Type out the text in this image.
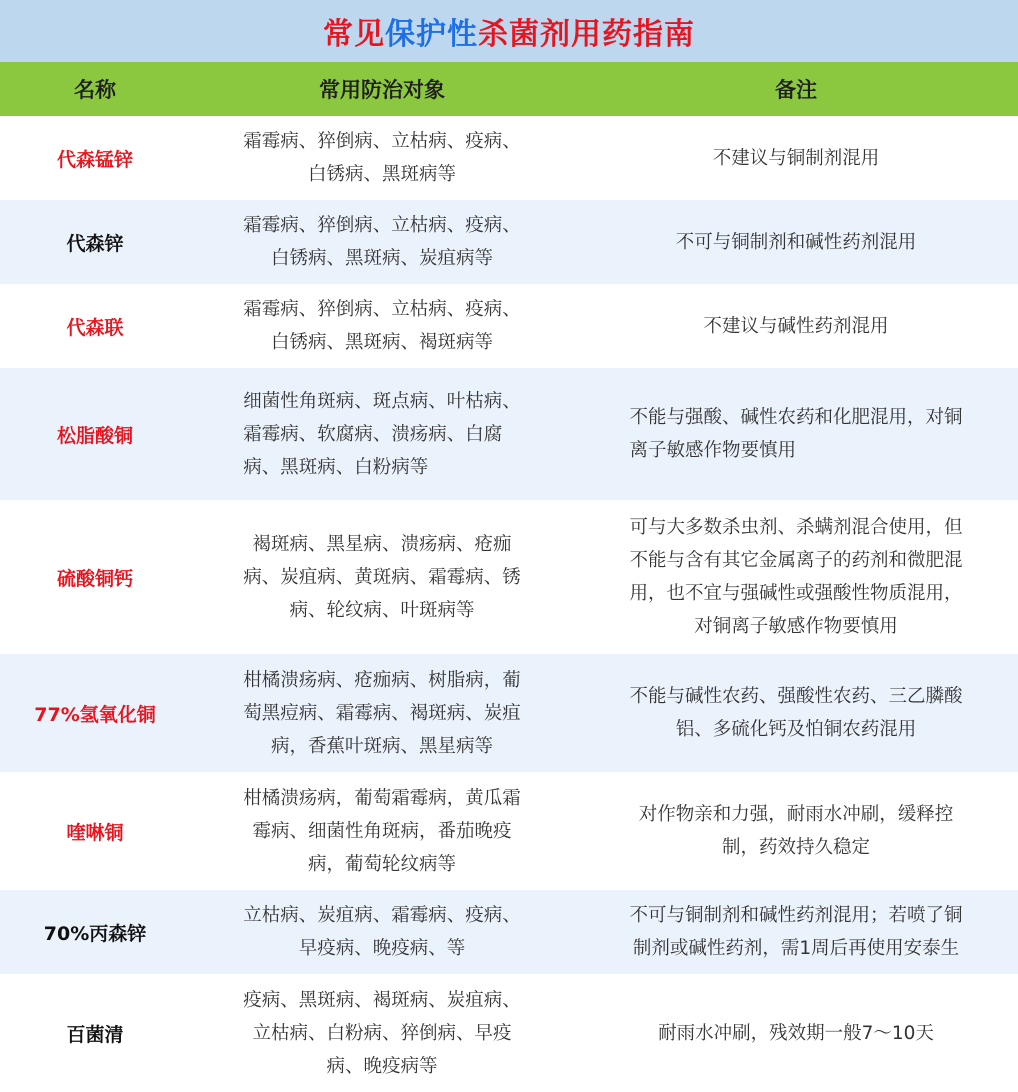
常见 保护性 杀菌剂用药指南
名称	常用防治对象	备注
代森锰锌
霜霉病、猝倒病、立枯病、疫病、
白锈病、黑斑病等
不建议与铜制剂混用
代森锌
霜霉病、猝倒病、立枯病、疫病、
白锈病、黑斑病、炭疽病等
不可与铜制剂和碱性药剂混用
代森联
霜霉病、猝倒病、立枯病、疫病、
白锈病、黑斑病、褐斑病等
不建议与碱性药剂混用
松脂酸铜
细菌性角斑病、斑点病、叶枯病、
霜霉病、软腐病、溃疡病、白腐
病、黑斑病、白粉病等
不能与强酸、碱性农药和化肥混用，对铜
离子敏感作物要慎用
硫酸铜钙
褐斑病、黑星病、溃疡病、疮痂
病、炭疽病、黄斑病、霜霉病、锈
病、轮纹病、叶斑病等
可与大多数杀虫剂、杀螨剂混合使用，但
不能与含有其它金属离子的药剂和微肥混
用，也不宜与强碱性或强酸性物质混用，
对铜离子敏感作物要慎用
77%氢氧化铜
柑橘溃疡病、疮痂病、树脂病，葡
萄黑痘病、霜霉病、褐斑病、炭疽
病，香蕉叶斑病、黑星病等
不能与碱性农药、强酸性农药、三乙膦酸
铝、多硫化钙及怕铜农药混用
喹啉铜
柑橘溃疡病，葡萄霜霉病，黄瓜霜
霉病、细菌性角斑病，番茄晚疫
病，葡萄轮纹病等
对作物亲和力强，耐雨水冲刷，缓释控
制，药效持久稳定
70%丙森锌
立枯病、炭疽病、霜霉病、疫病、
早疫病、晚疫病、等
不可与铜制剂和碱性药剂混用；若喷了铜
制剂或碱性药剂，需1周后再使用安泰生
百菌清
疫病、黑斑病、褐斑病、炭疽病、
立枯病、白粉病、猝倒病、早疫
病、晚疫病等
耐雨水冲刷，残效期一般7～10天
